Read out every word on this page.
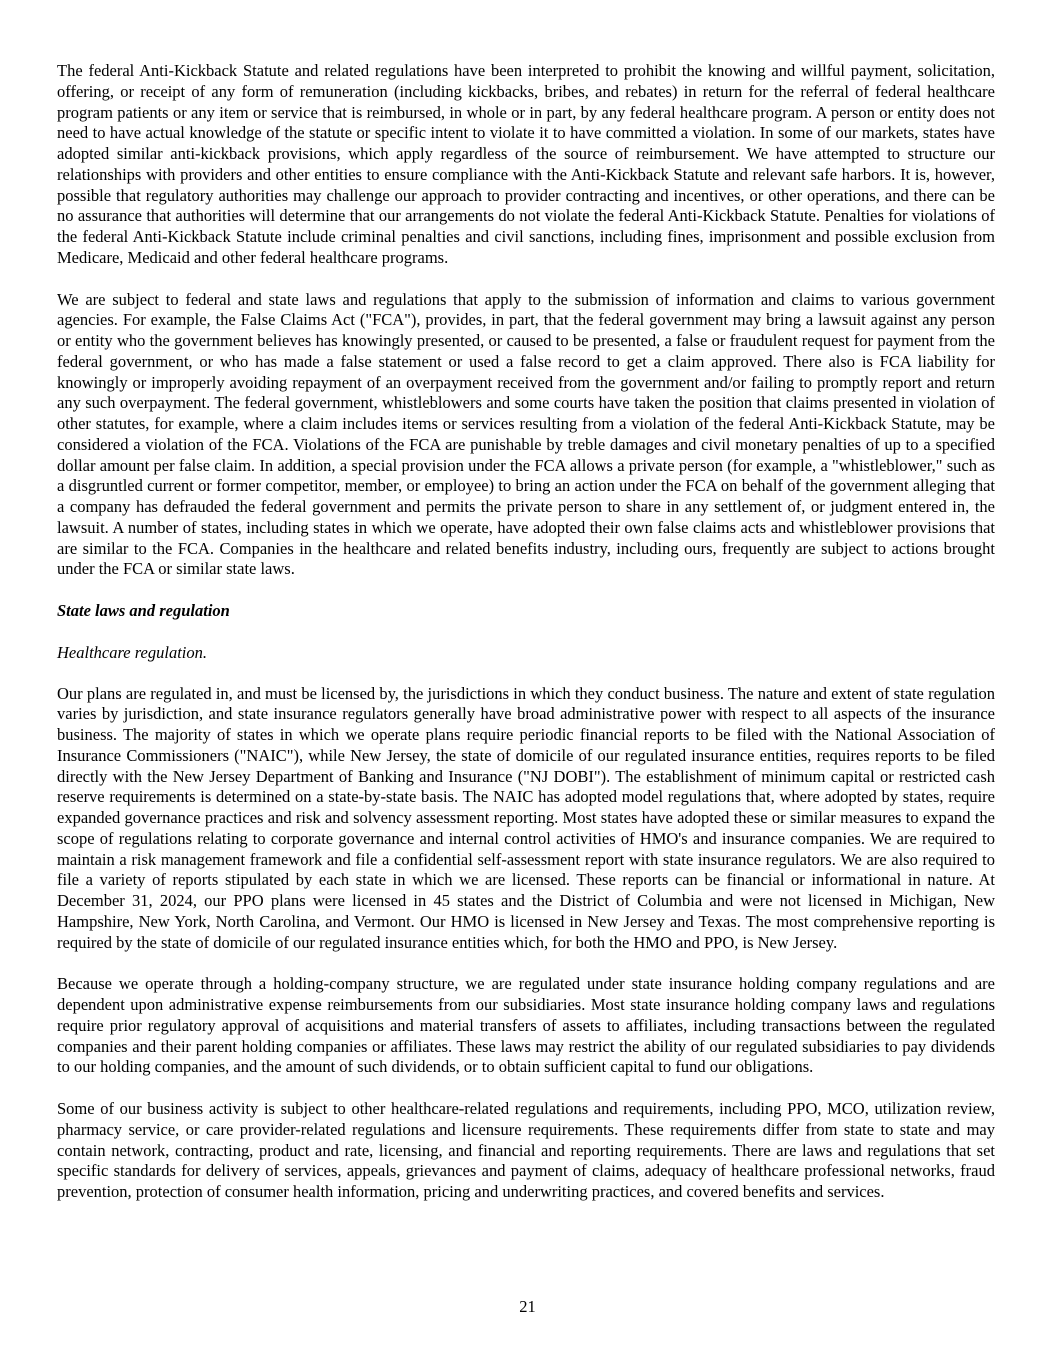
The federal Anti-Kickback Statute and related regulations have been interpreted to prohibit the knowing and willful payment, solicitation, offering, or receipt of any form of remuneration (including kickbacks, bribes, and rebates) in return for the referral of federal healthcare program patients or any item or service that is reimbursed, in whole or in part, by any federal healthcare program. A person or entity does not need to have actual knowledge of the statute or specific intent to violate it to have committed a violation. In some of our markets, states have adopted similar anti-kickback provisions, which apply regardless of the source of reimbursement. We have attempted to structure our relationships with providers and other entities to ensure compliance with the Anti-Kickback Statute and relevant safe harbors. It is, however, possible that regulatory authorities may challenge our approach to provider contracting and incentives, or other operations, and there can be no assurance that authorities will determine that our arrangements do not violate the federal Anti-Kickback Statute. Penalties for violations of the federal Anti-Kickback Statute include criminal penalties and civil sanctions, including fines, imprisonment and possible exclusion from Medicare, Medicaid and other federal healthcare programs.

We are subject to federal and state laws and regulations that apply to the submission of information and claims to various government agencies. For example, the False Claims Act ("FCA"), provides, in part, that the federal government may bring a lawsuit against any person or entity who the government believes has knowingly presented, or caused to be presented, a false or fraudulent request for payment from the federal government, or who has made a false statement or used a false record to get a claim approved. There also is FCA liability for knowingly or improperly avoiding repayment of an overpayment received from the government and/or failing to promptly report and return any such overpayment. The federal government, whistleblowers and some courts have taken the position that claims presented in violation of other statutes, for example, where a claim includes items or services resulting from a violation of the federal Anti-Kickback Statute, may be considered a violation of the FCA. Violations of the FCA are punishable by treble damages and civil monetary penalties of up to a specified dollar amount per false claim. In addition, a special provision under the FCA allows a private person (for example, a "whistleblower," such as a disgruntled current or former competitor, member, or employee) to bring an action under the FCA on behalf of the government alleging that a company has defrauded the federal government and permits the private person to share in any settlement of, or judgment entered in, the lawsuit. A number of states, including states in which we operate, have adopted their own false claims acts and whistleblower provisions that are similar to the FCA. Companies in the healthcare and related benefits industry, including ours, frequently are subject to actions brought under the FCA or similar state laws.

State laws and regulation

Healthcare regulation.

Our plans are regulated in, and must be licensed by, the jurisdictions in which they conduct business. The nature and extent of state regulation varies by jurisdiction, and state insurance regulators generally have broad administrative power with respect to all aspects of the insurance business. The majority of states in which we operate plans require periodic financial reports to be filed with the National Association of Insurance Commissioners ("NAIC"), while New Jersey, the state of domicile of our regulated insurance entities, requires reports to be filed directly with the New Jersey Department of Banking and Insurance ("NJ DOBI"). The establishment of minimum capital or restricted cash reserve requirements is determined on a state-by-state basis. The NAIC has adopted model regulations that, where adopted by states, require expanded governance practices and risk and solvency assessment reporting. Most states have adopted these or similar measures to expand the scope of regulations relating to corporate governance and internal control activities of HMO's and insurance companies. We are required to maintain a risk management framework and file a confidential self-assessment report with state insurance regulators. We are also required to file a variety of reports stipulated by each state in which we are licensed. These reports can be financial or informational in nature. At December 31, 2024, our PPO plans were licensed in 45 states and the District of Columbia and were not licensed in Michigan, New Hampshire, New York, North Carolina, and Vermont. Our HMO is licensed in New Jersey and Texas. The most comprehensive reporting is required by the state of domicile of our regulated insurance entities which, for both the HMO and PPO, is New Jersey.

Because we operate through a holding-company structure, we are regulated under state insurance holding company regulations and are dependent upon administrative expense reimbursements from our subsidiaries. Most state insurance holding company laws and regulations require prior regulatory approval of acquisitions and material transfers of assets to affiliates, including transactions between the regulated companies and their parent holding companies or affiliates. These laws may restrict the ability of our regulated subsidiaries to pay dividends to our holding companies, and the amount of such dividends, or to obtain sufficient capital to fund our obligations.

Some of our business activity is subject to other healthcare-related regulations and requirements, including PPO, MCO, utilization review, pharmacy service, or care provider-related regulations and licensure requirements. These requirements differ from state to state and may contain network, contracting, product and rate, licensing, and financial and reporting requirements. There are laws and regulations that set specific standards for delivery of services, appeals, grievances and payment of claims, adequacy of healthcare professional networks, fraud prevention, protection of consumer health information, pricing and underwriting practices, and covered benefits and services.

21
